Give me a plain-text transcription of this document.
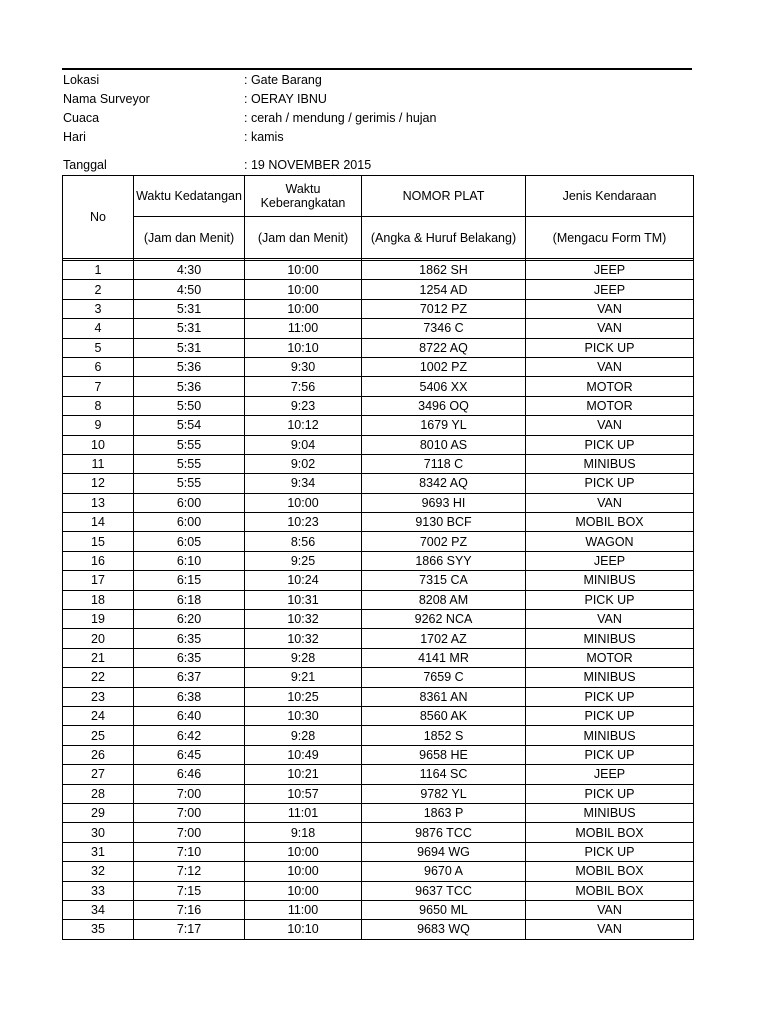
Lokasi	: Gate Barang
Nama Surveyor	: OERAY IBNU
Cuaca	: cerah / mendung / gerimis / hujan
Hari	: kamis
Tanggal	: 19 NOVEMBER 2015
No	Waktu Kedatangan	Waktu Keberangkatan	NOMOR PLAT	Jenis Kendaraan
	(Jam dan Menit)	(Jam dan Menit)	(Angka & Huruf Belakang)	(Mengacu Form TM)

1	4:30	10:00	1862 SH	JEEP
2	4:50	10:00	1254 AD	JEEP
3	5:31	10:00	7012 PZ	VAN
4	5:31	11:00	7346 C	VAN
5	5:31	10:10	8722 AQ	PICK UP
6	5:36	9:30	1002 PZ	VAN
7	5:36	7:56	5406 XX	MOTOR
8	5:50	9:23	3496 OQ	MOTOR
9	5:54	10:12	1679 YL	VAN
10	5:55	9:04	8010 AS	PICK UP
11	5:55	9:02	7118 C	MINIBUS
12	5:55	9:34	8342 AQ	PICK UP
13	6:00	10:00	9693 HI	VAN
14	6:00	10:23	9130 BCF	MOBIL BOX
15	6:05	8:56	7002 PZ	WAGON
16	6:10	9:25	1866 SYY	JEEP
17	6:15	10:24	7315 CA	MINIBUS
18	6:18	10:31	8208 AM	PICK UP
19	6:20	10:32	9262 NCA	VAN
20	6:35	10:32	1702 AZ	MINIBUS
21	6:35	9:28	4141 MR	MOTOR
22	6:37	9:21	7659 C	MINIBUS
23	6:38	10:25	8361 AN	PICK UP
24	6:40	10:30	8560 AK	PICK UP
25	6:42	9:28	1852 S	MINIBUS
26	6:45	10:49	9658 HE	PICK UP
27	6:46	10:21	1164 SC	JEEP
28	7:00	10:57	9782 YL	PICK UP
29	7:00	11:01	1863 P	MINIBUS
30	7:00	9:18	9876 TCC	MOBIL BOX
31	7:10	10:00	9694 WG	PICK UP
32	7:12	10:00	9670 A	MOBIL BOX
33	7:15	10:00	9637 TCC	MOBIL BOX
34	7:16	11:00	9650 ML	VAN
35	7:17	10:10	9683 WQ	VAN
